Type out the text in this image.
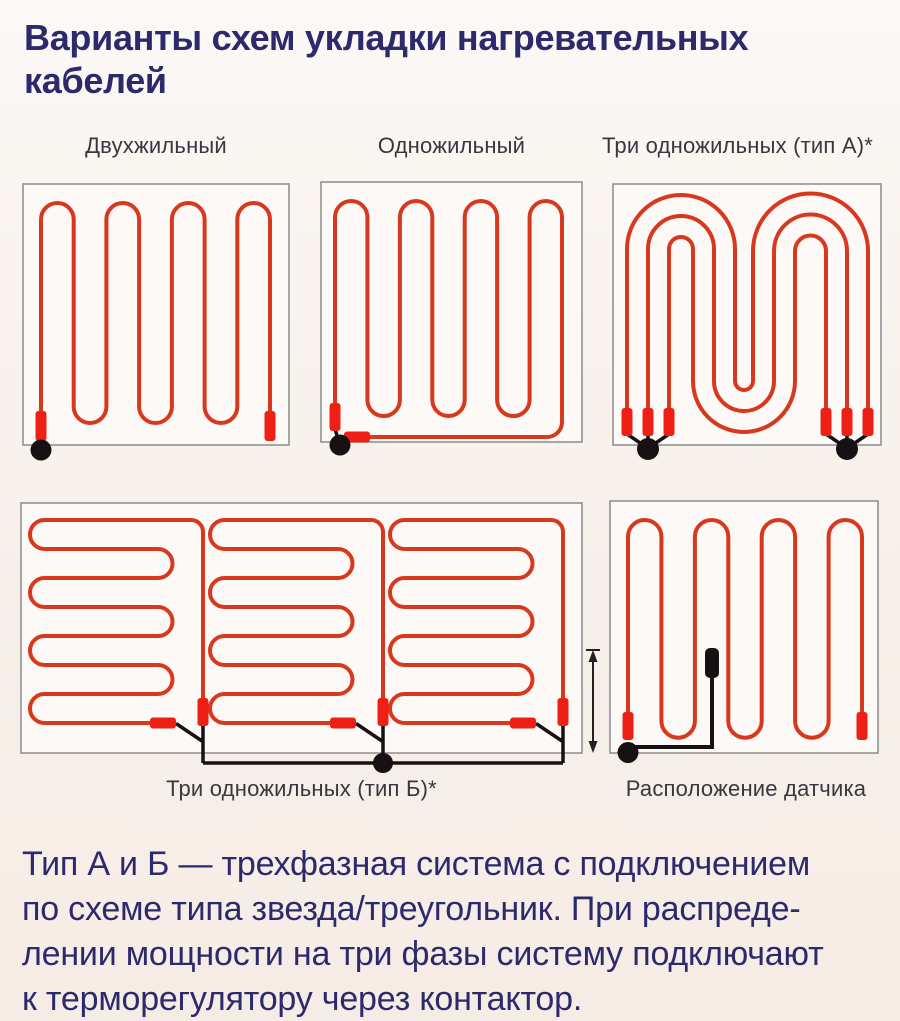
Варианты схем укладки нагревательных кабелей
Двухжильный	Одножильный	Три одножильных (тип А)*
Три одножильных (тип Б)*	Расположение датчика
Тип А и Б — трехфазная система с подключением
по схеме типа звезда/треугольник. При распреде-
лении мощности на три фазы систему подключают
к терморегулятору через контактор.
